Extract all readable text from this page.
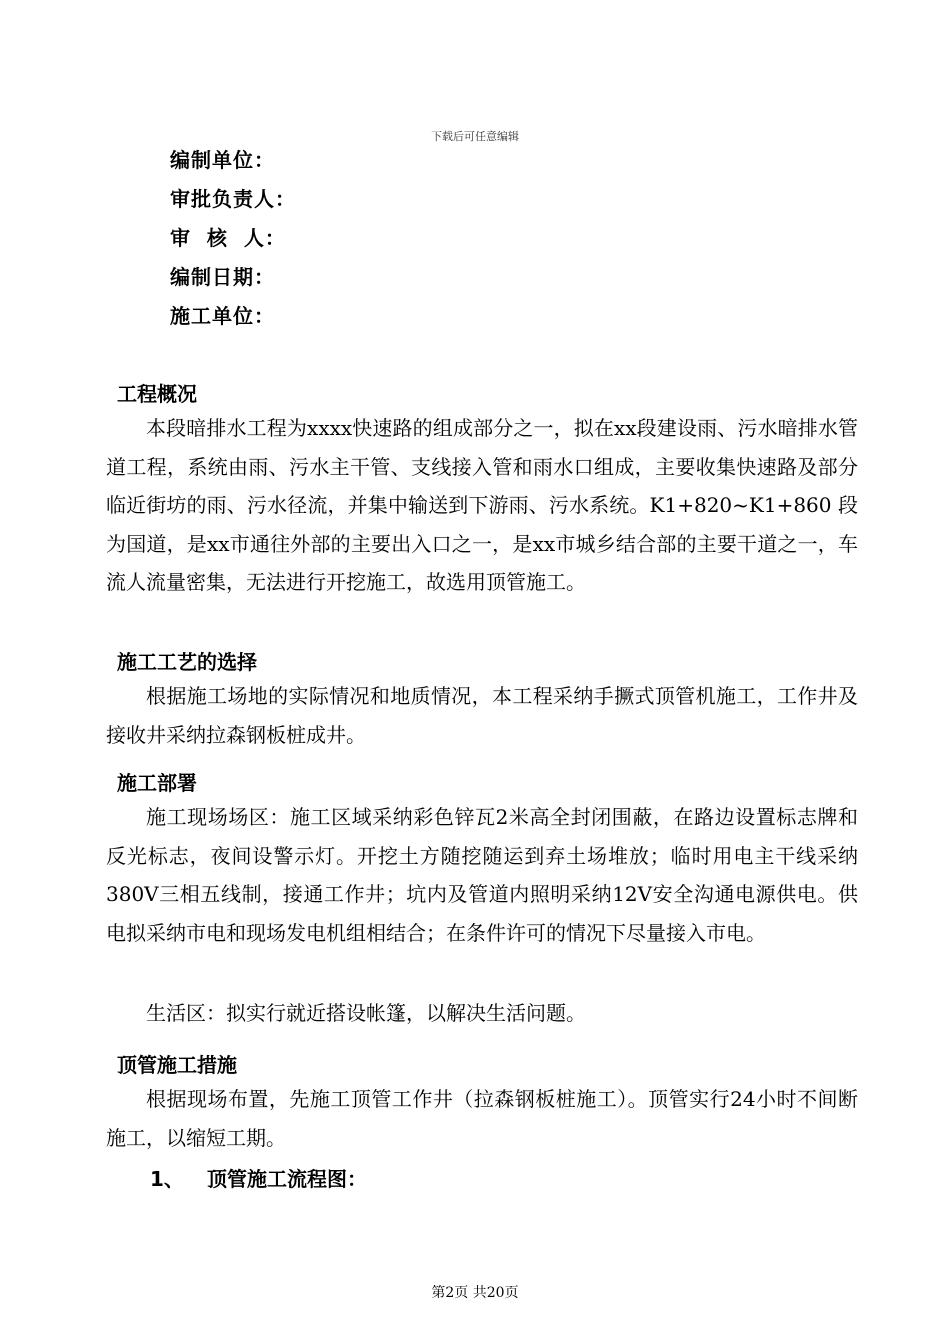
下载后可任意编辑
编制单位：
审批负责人：
审  核  人：
编制日期：
施工单位：
工程概况

本段暗排水工程为xxxx快速路的组成部分之一，拟在xx段建设雨、污水暗排水管道工程，系统由雨、污水主干管、支线接入管和雨水口组成，主要收集快速路及部分临近街坊的雨、污水径流，并集中输送到下游雨、污水系统。K1+820~K1+860 段为国道，是xx市通往外部的主要出入口之一，是xx市城乡结合部的主要干道之一，车流人流量密集，无法进行开挖施工，故选用顶管施工。

施工工艺的选择

根据施工场地的实际情况和地质情况，本工程采纳手撅式顶管机施工，工作井及接收井采纳拉森钢板桩成井。

施工部署

施工现场场区：施工区域采纳彩色锌瓦2米高全封闭围蔽，在路边设置标志牌和反光标志，夜间设警示灯。开挖土方随挖随运到弃土场堆放；临时用电主干线采纳380V三相五线制，接通工作井；坑内及管道内照明采纳12V安全沟通电源供电。供电拟采纳市电和现场发电机组相结合；在条件许可的情况下尽量接入市电。

生活区：拟实行就近搭设帐篷，以解决生活问题。

顶管施工措施

根据现场布置，先施工顶管工作井（拉森钢板桩施工）。顶管实行24小时不间断施工，以缩短工期。

1、 顶管施工流程图：
第2页 共20页
